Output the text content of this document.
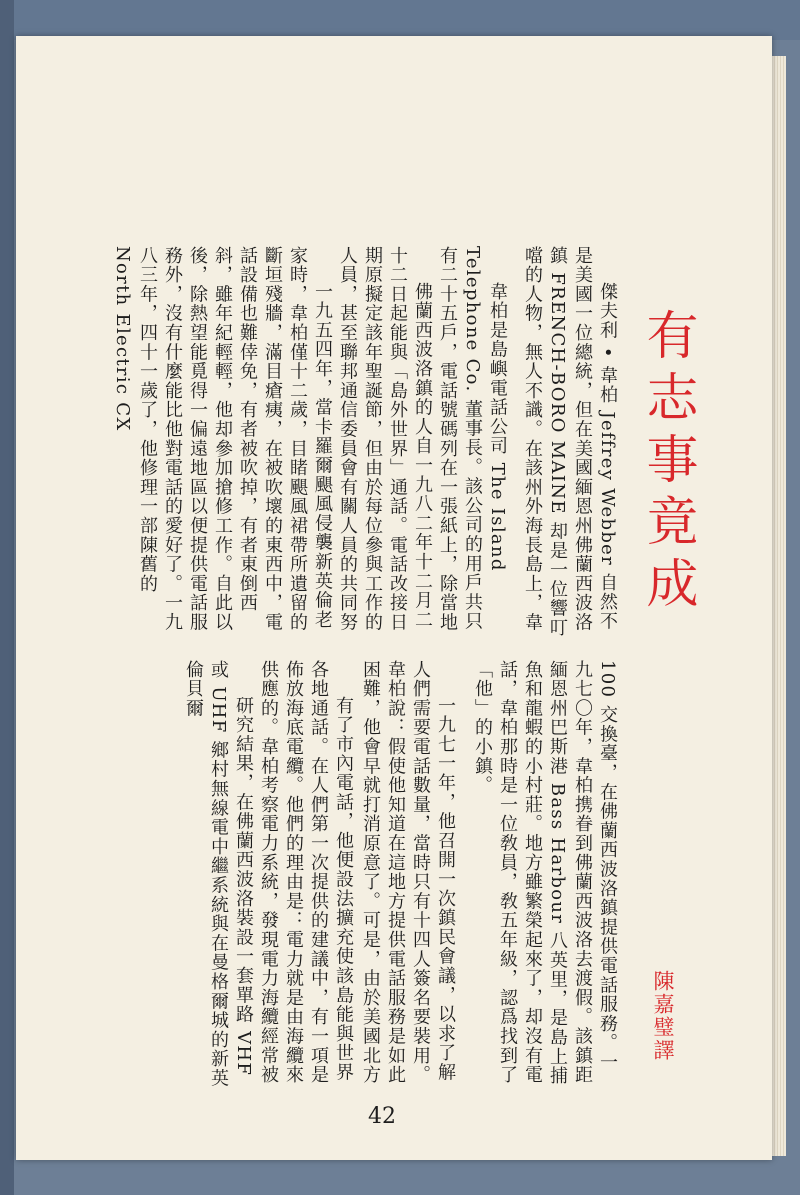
有志事竟成
陳嘉璧譯

傑夫利 • 韋柏 Jeffrey Webber 自然不是美國一位總統，但在美國緬恩州佛蘭西波洛鎮 FRENCH-BORO MAINE 却是一位響叮噹的人物，無人不識。在該州外海長島上，韋

韋柏是島嶼電話公司 The Island Telephone Co. 董事長。該公司的用戶共只有二十五戶，電話號碼列在一張紙上，除當地

佛蘭西波洛鎮的人自一九八二年十二月二十二日起能與「島外世界」通話。電話改接日期原擬定該年聖誕節，但由於每位參與工作的人員，甚至聯邦通信委員會有關人員的共同努

一九五四年，當卡羅爾颶風侵襲新英倫老家時，韋柏僅十二歲，目睹颶風裙帶所遺留的斷垣殘牆，滿目瘡痍，在被吹壞的東西中，電話設備也難倖免，有者被吹掉，有者東倒西斜，雖年紀輕輕，他却參加搶修工作。自此以後，除熱望能覓得一偏遠地區以便提供電話服務外，沒有什麼能比他對電話的愛好了。一九八三年，四十一歲了，他修理一部陳舊的 North Electric CX

100 交換臺，在佛蘭西波洛鎮提供電話服務。一九七〇年，韋柏携眷到佛蘭西波洛去渡假。該鎮距緬恩州巴斯港 Bass Harbour 八英里，是島上捕魚和龍蝦的小村莊。地方雖繁榮起來了，却沒有電話，韋柏那時是一位敎員，敎五年級，認爲找到了「他」的小鎮。

一九七一年，他召開一次鎮民會議，以求了解人們需要電話數量，當時只有十四人簽名要裝用。韋柏說：假使他知道在這地方提供電話服務是如此困難，他會早就打消原意了。可是，由於美國北方

有了市內電話，他便設法擴充使該島能與世界各地通話。在人們第一次提供的建議中，有一項是佈放海底電纜。他們的理由是：電力就是由海纜來供應的。韋柏考察電力系統，發現電力海纜經常被

研究結果，在佛蘭西波洛裝設一套單路 VHF 或 UHF 鄉村無線電中繼系統與在曼格爾城的新英倫貝爾

42
